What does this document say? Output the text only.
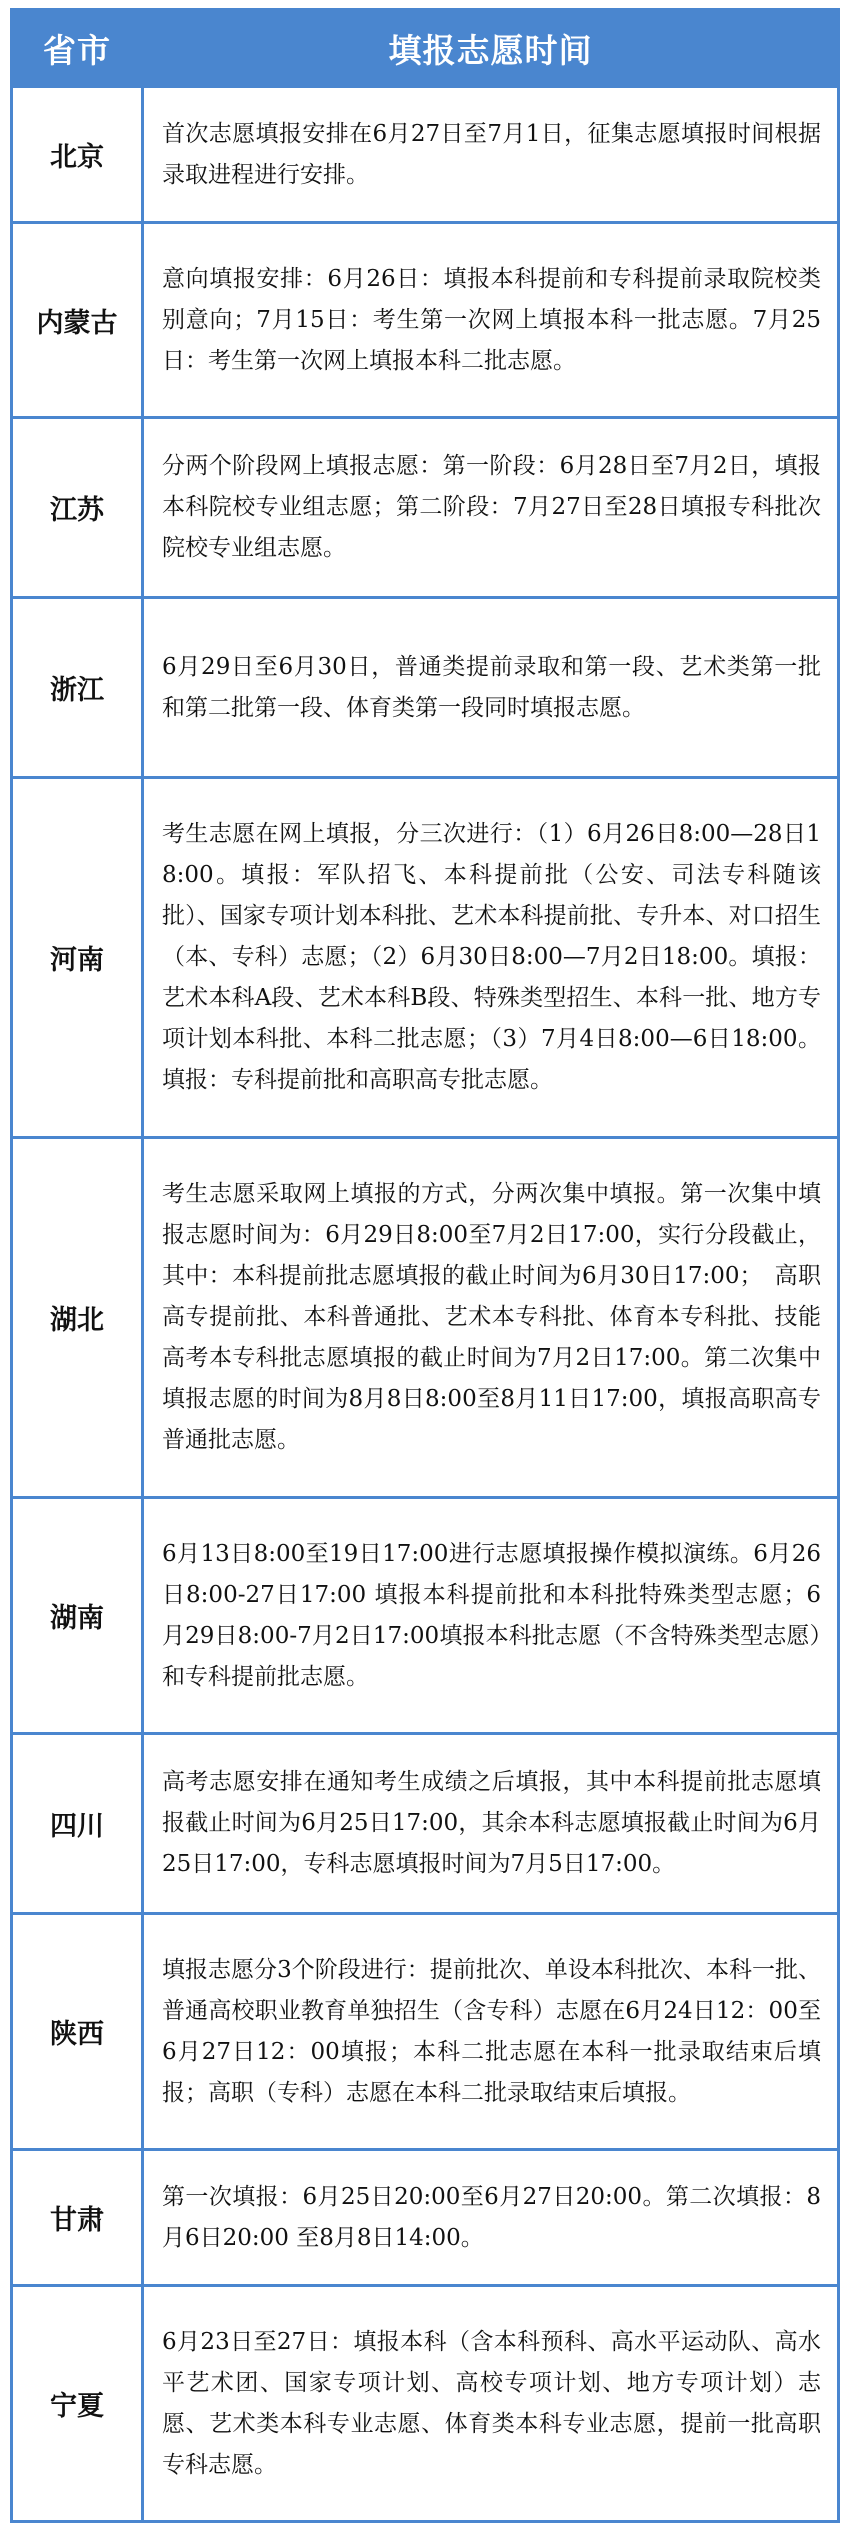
省市	填报志愿时间
北京	首次志愿填报安排在6月27日至7月1日，征集志愿填报时间根据录取进程进行安排。
内蒙古	意向填报安排：6月26日：填报本科提前和专科提前录取院校类别意向；7月15日：考生第一次网上填报本科一批志愿。7月25日：考生第一次网上填报本科二批志愿。
江苏	分两个阶段网上填报志愿：第一阶段：6月28日至7月2日，填报本科院校专业组志愿；第二阶段：7月27日至28日填报专科批次院校专业组志愿。
浙江	6月29日至6月30日，普通类提前录取和第一段、艺术类第一批和第二批第一段、体育类第一段同时填报志愿。
河南	考生志愿在网上填报，分三次进行：（1）6月26日8:00—28日18:00。填报：军队招飞、本科提前批（公安、司法专科随该批）、国家专项计划本科批、艺术本科提前批、专升本、对口招生（本、专科）志愿；（2）6月30日8:00—7月2日18:00。填报：艺术本科A段、艺术本科B段、特殊类型招生、本科一批、地方专项计划本科批、本科二批志愿；（3）7月4日8:00—6日18:00。填报：专科提前批和高职高专批志愿。
湖北	考生志愿采取网上填报的方式，分两次集中填报。第一次集中填报志愿时间为：6月29日8:00至7月2日17:00，实行分段截止，其中：本科提前批志愿填报的截止时间为6月30日17:00；　高职高专提前批、本科普通批、艺术本专科批、体育本专科批、技能高考本专科批志愿填报的截止时间为7月2日17:00。第二次集中填报志愿的时间为8月8日8:00至8月11日17:00，填报高职高专普通批志愿。
湖南	6月13日8:00至19日17:00进行志愿填报操作模拟演练。6月26日8:00-27日17:00 填报本科提前批和本科批特殊类型志愿；6月29日8:00-7月2日17:00填报本科批志愿（不含特殊类型志愿）和专科提前批志愿。
四川	高考志愿安排在通知考生成绩之后填报，其中本科提前批志愿填报截止时间为6月25日17:00，其余本科志愿填报截止时间为6月25日17:00，专科志愿填报时间为7月5日17:00。
陕西	填报志愿分3个阶段进行：提前批次、单设本科批次、本科一批、普通高校职业教育单独招生（含专科）志愿在6月24日12：00至6月27日12：00填报；本科二批志愿在本科一批录取结束后填报；高职（专科）志愿在本科二批录取结束后填报。
甘肃	第一次填报：6月25日20:00至6月27日20:00。第二次填报：8月6日20:00 至8月8日14:00。
宁夏	6月23日至27日：填报本科（含本科预科、高水平运动队、高水平艺术团、国家专项计划、高校专项计划、地方专项计划）志愿、艺术类本科专业志愿、体育类本科专业志愿，提前一批高职专科志愿。
